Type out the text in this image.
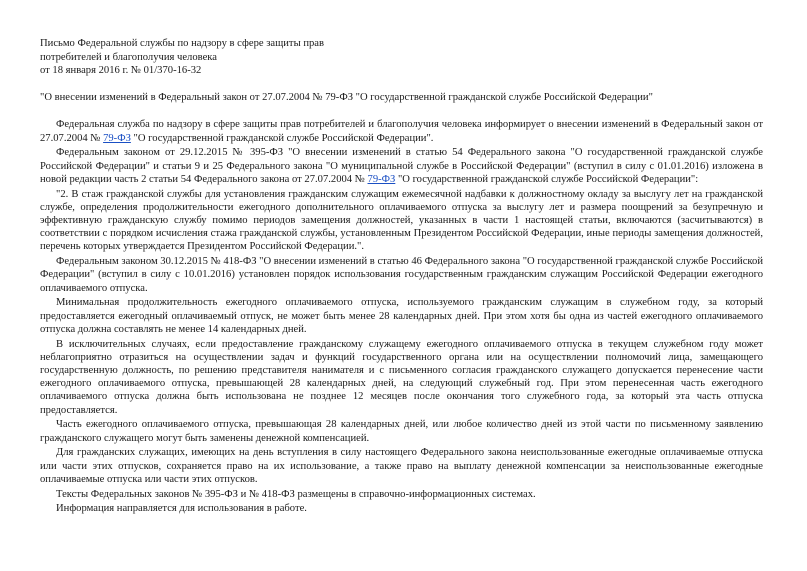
Письмо Федеральной службы по надзору в сфере защиты прав
потребителей и благополучия человека
от 18 января 2016 г. № 01/370-16-32
"О внесении изменений в Федеральный закон от 27.07.2004 № 79-ФЗ "О государственной гражданской службе Российской Федерации"

Федеральная служба по надзору в сфере защиты прав потребителей и благополучия человека информирует о внесении изменений в Федеральный закон от 27.07.2004 № 79-ФЗ "О государственной гражданской службе Российской Федерации".

Федеральным законом от 29.12.2015 № 395-ФЗ "О внесении изменений в статью 54 Федерального закона "О государственной гражданской службе Российской Федерации" и статьи 9 и 25 Федерального закона "О муниципальной службе в Российской Федерации" (вступил в силу с 01.01.2016) изложена в новой редакции часть 2 статьи 54 Федерального закона от 27.07.2004 № 79-ФЗ "О государственной гражданской службе Российской Федерации":

"2. В стаж гражданской службы для установления гражданским служащим ежемесячной надбавки к должностному окладу за выслугу лет на гражданской службе, определения продолжительности ежегодного дополнительного оплачиваемого отпуска за выслугу лет и размера поощрений за безупречную и эффективную гражданскую службу помимо периодов замещения должностей, указанных в части 1 настоящей статьи, включаются (засчитываются) в соответствии с порядком исчисления стажа гражданской службы, установленным Президентом Российской Федерации, иные периоды замещения должностей, перечень которых утверждается Президентом Российской Федерации.".

Федеральным законом 30.12.2015 № 418-ФЗ "О внесении изменений в статью 46 Федерального закона "О государственной гражданской службе Российской Федерации" (вступил в силу с 10.01.2016) установлен порядок использования государственным гражданским служащим Российской Федерации ежегодного оплачиваемого отпуска.

Минимальная продолжительность ежегодного оплачиваемого отпуска, используемого гражданским служащим в служебном году, за который предоставляется ежегодный оплачиваемый отпуск, не может быть менее 28 календарных дней. При этом хотя бы одна из частей ежегодного оплачиваемого отпуска должна составлять не менее 14 календарных дней.

В исключительных случаях, если предоставление гражданскому служащему ежегодного оплачиваемого отпуска в текущем служебном году может неблагоприятно отразиться на осуществлении задач и функций государственного органа или на осуществлении полномочий лица, замещающего государственную должность, по решению представителя нанимателя и с письменного согласия гражданского служащего допускается перенесение части ежегодного оплачиваемого отпуска, превышающей 28 календарных дней, на следующий служебный год. При этом перенесенная часть ежегодного оплачиваемого отпуска должна быть использована не позднее 12 месяцев после окончания того служебного года, за который эта часть отпуска предоставляется.

Часть ежегодного оплачиваемого отпуска, превышающая 28 календарных дней, или любое количество дней из этой части по письменному заявлению гражданского служащего могут быть заменены денежной компенсацией.

Для гражданских служащих, имеющих на день вступления в силу настоящего Федерального закона неиспользованные ежегодные оплачиваемые отпуска или части этих отпусков, сохраняется право на их использование, а также право на выплату денежной компенсации за неиспользованные ежегодные оплачиваемые отпуска или части этих отпусков.

Тексты Федеральных законов № 395-ФЗ и № 418-ФЗ размещены в справочно-информационных системах.

Информация направляется для использования в работе.
